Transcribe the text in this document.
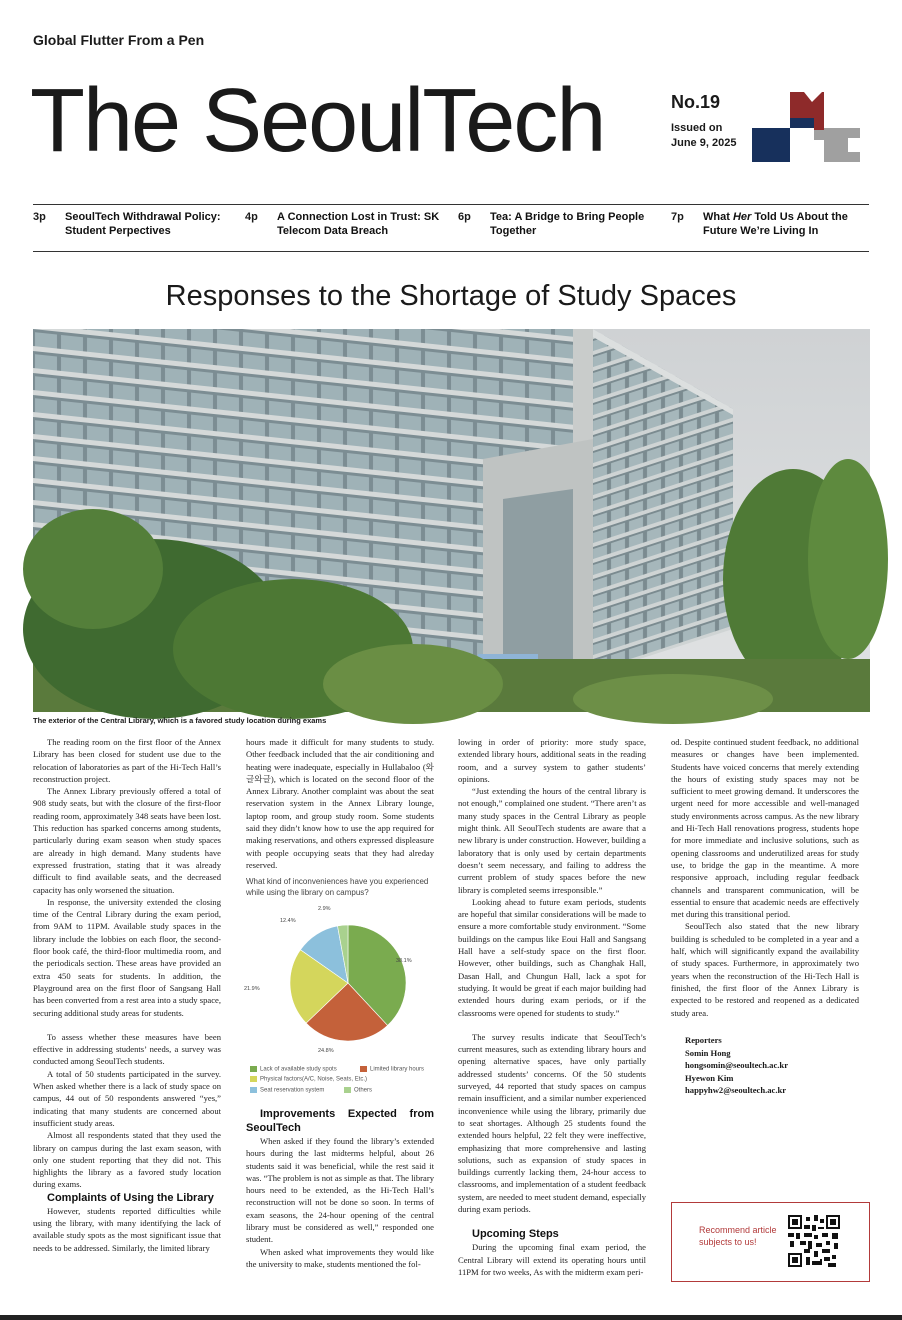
Global Flutter From a Pen
The SeoulTech	No.19
Issued on June 9, 2025
3p SeoulTech Withdrawal Policy: Student Perpectives
4p A Connection Lost in Trust: SK Telecom Data Breach
6p Tea: A Bridge to Bring People Together
7p What Her Told Us About the Future We’re Living In
Responses to the Shortage of Study Spaces
The exterior of the Central Library, which is a favored study location during exams

The reading room on the first floor of the Annex Library has been closed for student use due to the relocation of laboratories as part of the Hi-Tech Hall’s reconstruction project.

The Annex Library previously offered a total of 908 study seats, but with the closure of the first-floor reading room, approximately 348 seats have been lost. This reduction has sparked concerns among students, particularly during exam season when study spaces are already in high demand. Many students have expressed frustration, stating that it was already difficult to find available seats, and the decreased capacity has only worsened the situation.

In response, the university extended the closing time of the Central Library during the exam period, from 9AM to 11PM. Available study spaces in the library include the lobbies on each floor, the second-floor book café, the third-floor multimedia room, and the periodicals section. These areas have provided an extra 450 seats for students. In addition, the Playground area on the first floor of Sangsang Hall has been converted from a rest area into a study space, securing additional study areas for students.

To assess whether these measures have been effective in addressing students’ needs, a survey was conducted among SeoulTech students.

A total of 50 students participated in the survey. When asked whether there is a lack of study space on campus, 44 out of 50 respondents answered “yes,” indicating that many students are concerned about insufficient study areas.

Almost all respondents stated that they used the library on campus during the last exam season, with only one student reporting that they did not. This highlights the library as a favored study location during exams.

Complaints of Using the Library

However, students reported difficulties while using the library, with many identifying the lack of available study spots as the most significant issue that needs to be addressed. Similarly, the limited library

hours made it difficult for many students to study. Other feedback included that the air conditioning and heating were inadequate, especially in Hullabaloo (와글와글), which is located on the second floor of the Annex Library. Another complaint was about the seat reservation system in the Annex Library lounge, laptop room, and group study room. Some students said they didn’t know how to use the app required for making reservations, and others expressed displeasure with people occupying seats that they had alreday reserved.

What kind of inconveniences have you experienced while using the library on campus?
38.1%
24.8%
21.9%
12.4%
2.9%
Lack of available study spots	Limited library hours
Physical factors(A/C, Noise, Seats, Etc.)
Seat reservation system	Others

Improvements Expected from SeoulTech

When asked if they found the library’s extended hours during the last midterms helpful, about 26 students said it was beneficial, while the rest said it was. “The problem is not as simple as that. The library hours need to be extended, as the Hi-Tech Hall’s reconstruction will not be done so soon. In terms of exam seasons, the 24-hour opening of the central library must be considered as well,” responded one student.

When asked what improvements they would like the university to make, students mentioned the fol-

lowing in order of priority: more study space, extended library hours, additional seats in the reading room, and a survey system to gather students’ opinions.

“Just extending the hours of the central library is not enough,” complained one student. “There aren’t as many study spaces in the Central Library as people might think. All SeoulTech students are aware that a new library is under construction. However, building a laboratory that is only used by certain departments doesn’t seem necessary, and failing to address the current problem of study spaces before the new library is completed seems irresponsible.”

Looking ahead to future exam periods, students are hopeful that similar considerations will be made to ensure a more comfortable study environment. “Some buildings on the campus like Eoui Hall and Sangsang Hall have a self-study space on the first floor. However, other buildings, such as Changhak Hall, Dasan Hall, and Chungun Hall, lack a spot for studying. It would be great if each major building had extended hours during exam periods, or if the classrooms were opened for students to study.”

The survey results indicate that SeoulTech’s current measures, such as extending library hours and opening alternative spaces, have only partially addressed students’ concerns. Of the 50 students surveyed, 44 reported that study spaces on campus remain insufficient, and a similar number experienced inconvenience while using the library, primarily due to seat shortages. Although 25 students found the extended hours helpful, 22 felt they were ineffective, emphasizing that more comprehensive and lasting solutions, such as expansion of study spaces in buildings currently lacking them, 24-hour access to classrooms, and implementation of a student feedback system, are needed to meet student demand, especially during exam periods.

Upcoming Steps

During the upcoming final exam period, the Central Library will extend its operating hours until 11PM for two weeks, As with the midterm exam peri-

od. Despite continued student feedback, no additional measures or changes have been implemented. Students have voiced concerns that merely extending the hours of existing study spaces may not be sufficient to meet growing demand. It underscores the urgent need for more accessible and well-managed study environments across campus. As the new library and Hi-Tech Hall renovations progress, students hope for more immediate and inclusive solutions, such as opening classrooms and underutilized areas for study use, to bridge the gap in the meantime. A more responsive approach, including regular feedback channels and transparent communication, will be essential to ensure that academic needs are effectively met during this transitional period.

SeoulTech also stated that the new library building is scheduled to be completed in a year and a half, which will significantly expand the availability of study spaces. Furthermore, in approximately two years when the reconstruction of the Hi-Tech Hall is finished, the first floor of the Annex Library is expected to be restored and reopened as a dedicated study area.

Reporters
Somin Hong
hongsomin@seoultech.ac.kr
Hyewon Kim
happyhw2@seoultech.ac.kr
Recommend article subjects to us!
